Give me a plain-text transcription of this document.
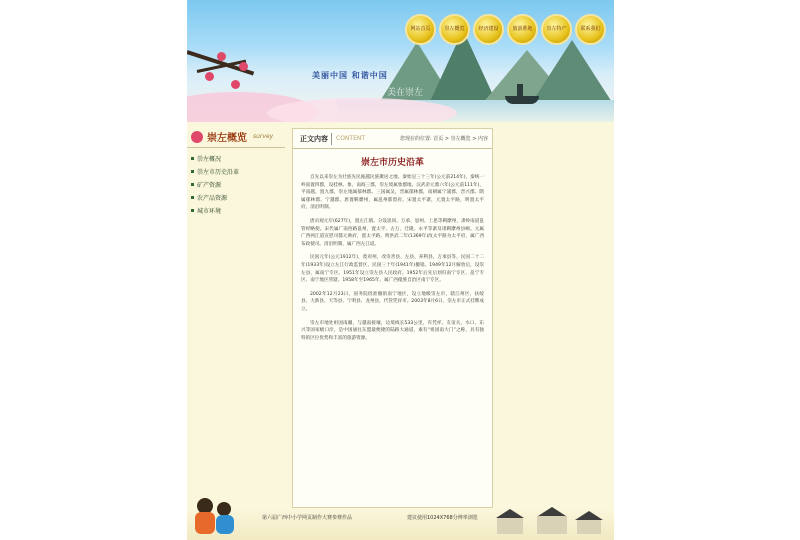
美丽中国 和谐中国
美在崇左
网站首页	崇左概览	经济建设	旅游胜地	崇左特产	联系我们
崇左概览 survey
崇左概况
崇左市历史沿革
矿产资源
农产品资源
城市环境
正文内容	CONTENT	您现在的位置: 首页 > 崇左概览 > 内容
崇左市历史沿革

自先以来崇左为壮族先民瓯越民族聚居之地。秦始皇三十三年(公元前214年)，秦统一岭南置四郡，设桂林、象、南海三郡，崇左境属象郡地。汉武帝元鼎六年(公元前111年)，平南越，置九郡，崇左地属郁林郡。三国属吴，晋属郁林郡，南朝属宁浦郡、晋兴郡。隋属郁林郡、宁越郡。唐置羁縻州，属邕州都督府。宋置太平寨，元置太平路，明置太平府，清沿明制。

唐贞观元年(627年)，置左江镇。分设思同、万承、思州、上思等羁縻州，隶岭南道邕管经略使。宋代属广南西路邕州，置太平、古万、迁隆、永平等寨及诸羁縻州县峒。元属广西两江道宣慰司都元帅府，置太平路。明洪武二年(1369年)改太平路为太平府，属广西布政使司。清沿明制，属广西左江道。

民国元年(公元1912年)，废府州，改崇善县、左县、养利县、万承县等。民国二十二年(1933年)设立左江行政监督区，民国三十年(1941年)撤销。1949年12月解放后，设崇左县，属南宁专区。1951年设立崇左县人民政府。1952年后先后划归南宁专区、邕宁专区、南宁地区管辖。1958年至1965年，属广西僮族自治区南宁专区。

2002年12月23日，国务院批准撤销南宁地区，设立地级崇左市，辖江州区、扶绥县、大新县、天等县、宁明县、龙州县，代管凭祥市。2003年8月6日，崇左市正式挂牌成立。

崇左市地处祖国南疆，与越南接壤，边境线长533公里，有凭祥、友谊关、水口、东兴等国家级口岸，是中国通往东盟最便捷的陆路大通道，素有“祖国南大门”之称，具有独特的区位优势和丰富的旅游资源。

第六届广西中小学网页制作大赛参赛作品	建议使用1024X768分辨率浏览
